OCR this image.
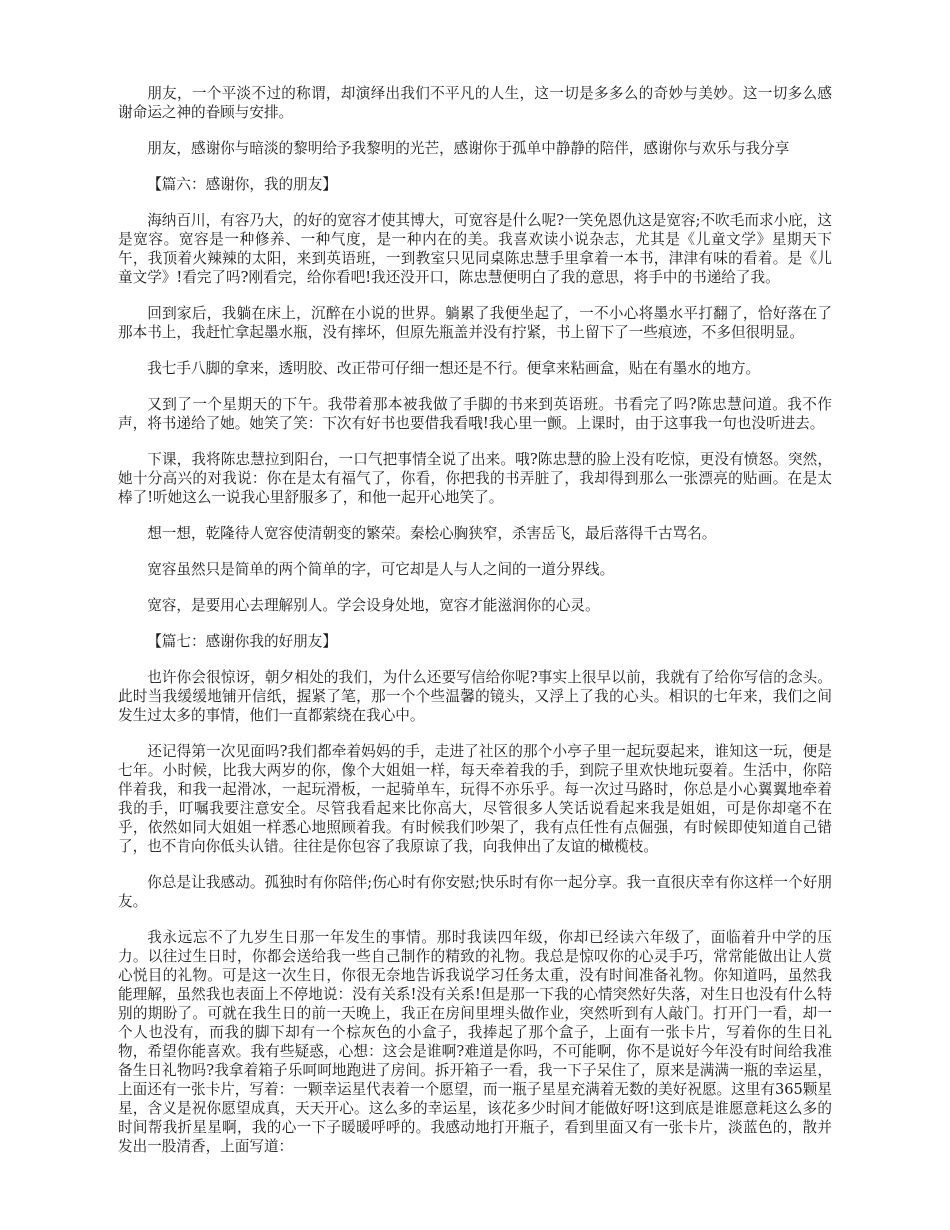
朋友，一个平淡不过的称谓，却演绎出我们不平凡的人生，这一切是多多么的奇妙与美妙。这一切多么感谢命运之神的眷顾与安排。

朋友，感谢你与暗淡的黎明给予我黎明的光芒，感谢你于孤单中静静的陪伴，感谢你与欢乐与我分享

【篇六：感谢你，我的朋友】

海纳百川，有容乃大，的好的宽容才使其博大，可宽容是什么呢?一笑免恩仇这是宽容;不吹毛而求小庇，这是宽容。宽容是一种修养、一种气度，是一种内在的美。我喜欢读小说杂志，尤其是《儿童文学》星期天下午，我顶着火辣辣的太阳，来到英语班，一到教室只见同桌陈忠慧手里拿着一本书，津津有味的看着。是《儿童文学》!看完了吗?刚看完，给你看吧!我还没开口，陈忠慧便明白了我的意思，将手中的书递给了我。

回到家后，我躺在床上，沉醉在小说的世界。躺累了我便坐起了，一不小心将墨水平打翻了，恰好落在了那本书上，我赶忙拿起墨水瓶，没有摔坏，但原先瓶盖并没有拧紧，书上留下了一些痕迹，不多但很明显。

我七手八脚的拿来，透明胶、改正带可仔细一想还是不行。便拿来粘画盒，贴在有墨水的地方。

又到了一个星期天的下午。我带着那本被我做了手脚的书来到英语班。书看完了吗?陈忠慧问道。我不作声，将书递给了她。她笑了笑：下次有好书也要借我看哦!我心里一颤。上课时，由于这事我一句也没听进去。

下课，我将陈忠慧拉到阳台，一口气把事情全说了出来。哦?陈忠慧的脸上没有吃惊，更没有愤怒。突然，她十分高兴的对我说：你在是太有福气了，你看，你把我的书弄脏了，我却得到那么一张漂亮的贴画。在是太棒了!听她这么一说我心里舒服多了，和他一起开心地笑了。

想一想，乾隆待人宽容使清朝变的繁荣。秦桧心胸狭窄，杀害岳飞，最后落得千古骂名。

宽容虽然只是简单的两个简单的字，可它却是人与人之间的一道分界线。

宽容，是要用心去理解别人。学会设身处地，宽容才能滋润你的心灵。

【篇七：感谢你我的好朋友】

也许你会很惊讶，朝夕相处的我们，为什么还要写信给你呢?事实上很早以前，我就有了给你写信的念头。此时当我缓缓地铺开信纸，握紧了笔，那一个个些温馨的镜头，又浮上了我的心头。相识的七年来，我们之间发生过太多的事情，他们一直都萦绕在我心中。

还记得第一次见面吗?我们都牵着妈妈的手，走进了社区的那个小亭子里一起玩耍起来，谁知这一玩，便是七年。小时候，比我大两岁的你，像个大姐姐一样，每天牵着我的手，到院子里欢快地玩耍着。生活中，你陪伴着我，和我一起滑冰，一起玩滑板，一起骑单车，玩得不亦乐乎。每一次过马路时，你总是小心翼翼地牵着我的手，叮嘱我要注意安全。尽管我看起来比你高大，尽管很多人笑话说看起来我是姐姐，可是你却毫不在乎，依然如同大姐姐一样悉心地照顾着我。有时候我们吵架了，我有点任性有点倔强，有时候即使知道自己错了，也不肯向你低头认错。往往是你包容了我原谅了我，向我伸出了友谊的橄榄枝。

你总是让我感动。孤独时有你陪伴;伤心时有你安慰;快乐时有你一起分享。我一直很庆幸有你这样一个好朋友。

我永远忘不了九岁生日那一年发生的事情。那时我读四年级，你却已经读六年级了，面临着升中学的压力。以往过生日时，你都会送给我一些自己制作的精致的礼物。我总是惊叹你的心灵手巧，常常能做出让人赏心悦目的礼物。可是这一次生日，你很无奈地告诉我说学习任务太重，没有时间准备礼物。你知道吗，虽然我能理解，虽然我也表面上不停地说：没有关系!没有关系!但是那一下我的心情突然好失落，对生日也没有什么特别的期盼了。可就在我生日的前一天晚上，我正在房间里埋头做作业，突然听到有人敲门。打开门一看，却一个人也没有，而我的脚下却有一个棕灰色的小盒子，我捧起了那个盒子，上面有一张卡片，写着你的生日礼物，希望你能喜欢。我有些疑惑，心想：这会是谁啊?难道是你吗，不可能啊，你不是说好今年没有时间给我准备生日礼物吗?我拿着箱子乐呵呵地跑进了房间。拆开箱子一看，我一下子呆住了，原来是满满一瓶的幸运星，上面还有一张卡片，写着：一颗幸运星代表着一个愿望，而一瓶子星星充满着无数的美好祝愿。这里有365颗星星，含义是祝你愿望成真，天天开心。这么多的幸运星，该花多少时间才能做好呀!这到底是谁愿意耗这么多的时间帮我折星星啊，我的心一下子暖暖呼呼的。我感动地打开瓶子，看到里面又有一张卡片，淡蓝色的，散并发出一股清香，上面写道：
